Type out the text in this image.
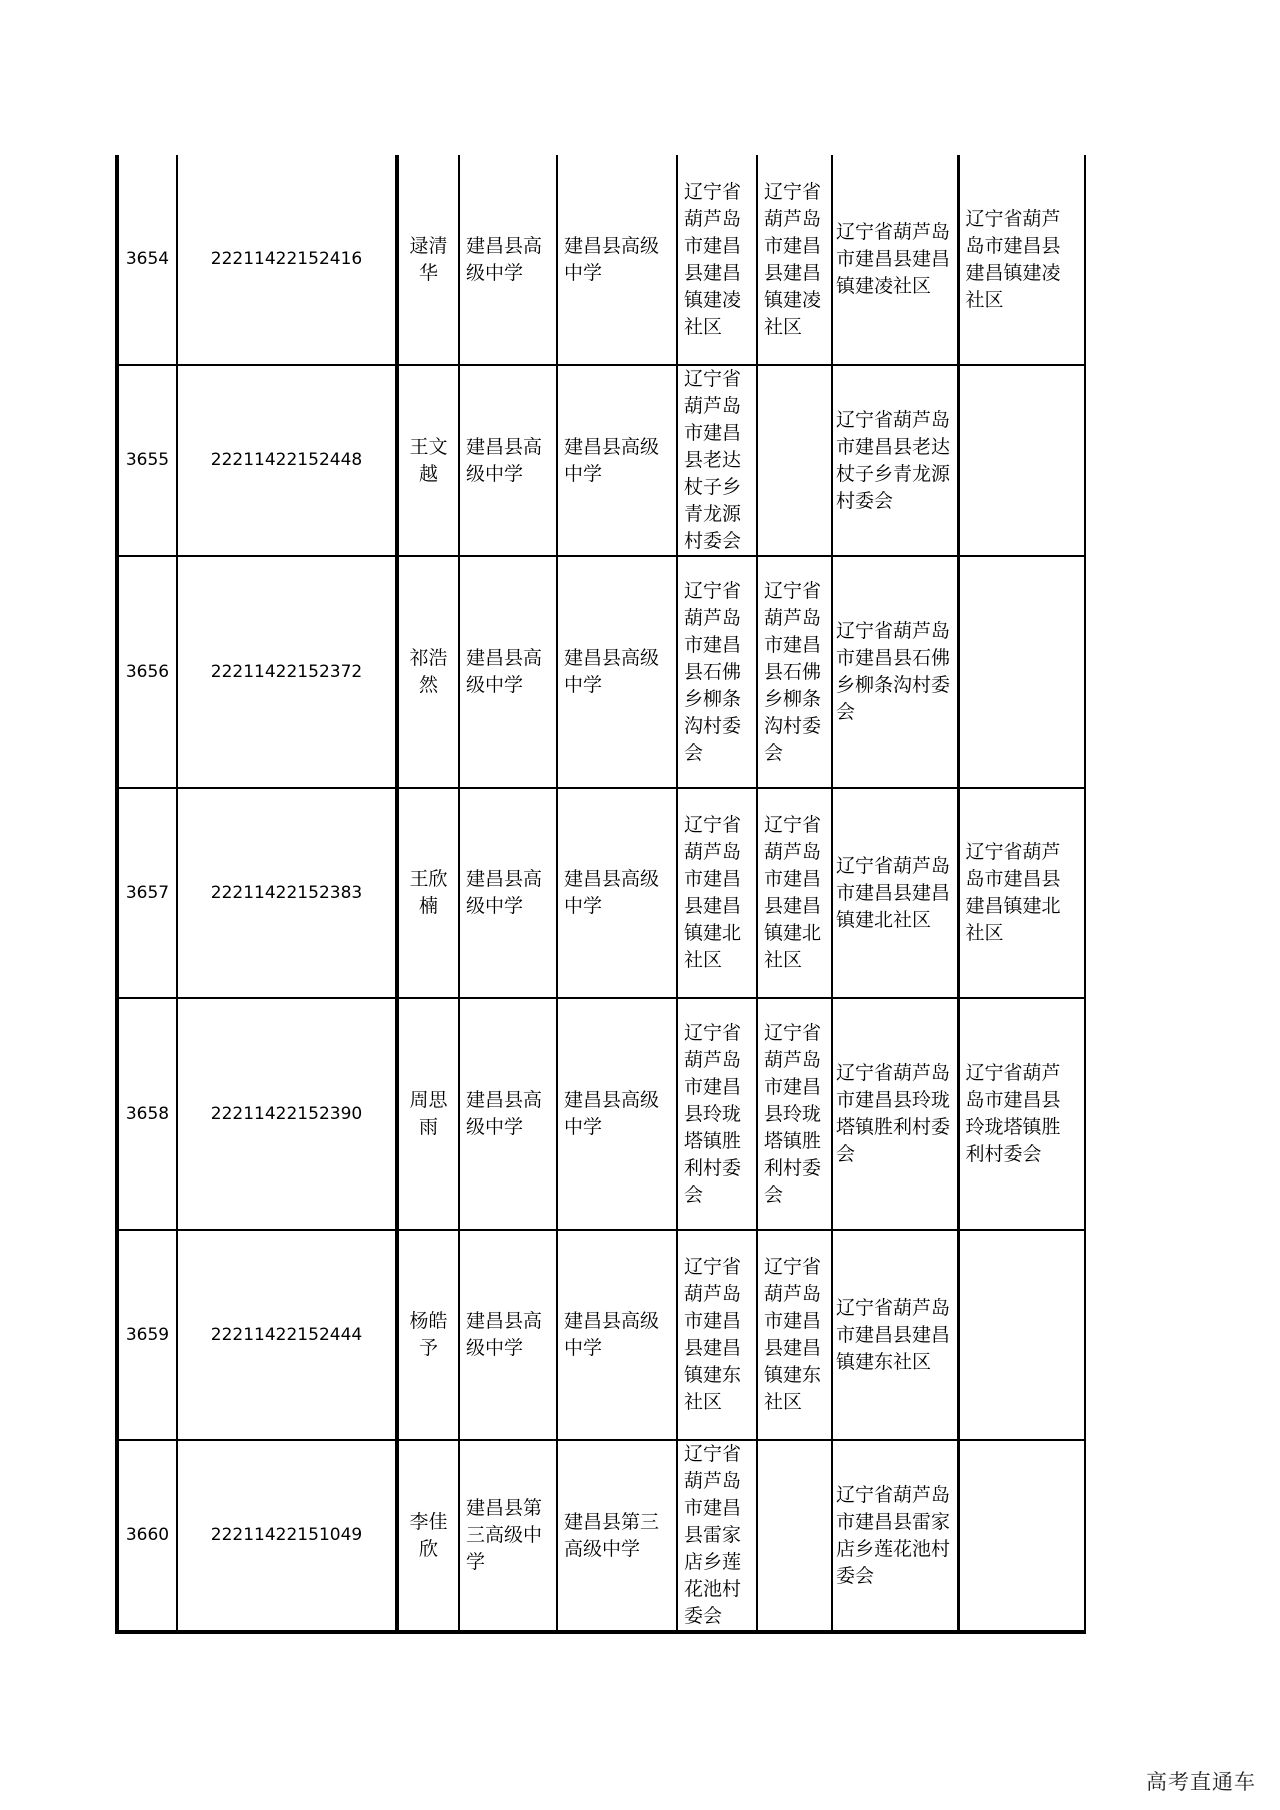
3654	22211422152416	逯清华	建昌县高级中学	建昌县高级中学	辽宁省葫芦岛市建昌县建昌镇建凌社区	辽宁省葫芦岛市建昌县建昌镇建凌社区	辽宁省葫芦岛市建昌县建昌镇建凌社区	辽宁省葫芦岛市建昌县建昌镇建凌社区
3655	22211422152448	王文越	建昌县高级中学	建昌县高级中学	辽宁省葫芦岛市建昌县老达杖子乡青龙源村委会		辽宁省葫芦岛市建昌县老达杖子乡青龙源村委会	
3656	22211422152372	祁浩然	建昌县高级中学	建昌县高级中学	辽宁省葫芦岛市建昌县石佛乡柳条沟村委会	辽宁省葫芦岛市建昌县石佛乡柳条沟村委会	辽宁省葫芦岛市建昌县石佛乡柳条沟村委会	
3657	22211422152383	王欣楠	建昌县高级中学	建昌县高级中学	辽宁省葫芦岛市建昌县建昌镇建北社区	辽宁省葫芦岛市建昌县建昌镇建北社区	辽宁省葫芦岛市建昌县建昌镇建北社区	辽宁省葫芦岛市建昌县建昌镇建北社区
3658	22211422152390	周思雨	建昌县高级中学	建昌县高级中学	辽宁省葫芦岛市建昌县玲珑塔镇胜利村委会	辽宁省葫芦岛市建昌县玲珑塔镇胜利村委会	辽宁省葫芦岛市建昌县玲珑塔镇胜利村委会	辽宁省葫芦岛市建昌县玲珑塔镇胜利村委会
3659	22211422152444	杨皓予	建昌县高级中学	建昌县高级中学	辽宁省葫芦岛市建昌县建昌镇建东社区	辽宁省葫芦岛市建昌县建昌镇建东社区	辽宁省葫芦岛市建昌县建昌镇建东社区	
3660	22211422151049	李佳欣	建昌县第三高级中学	建昌县第三高级中学	辽宁省葫芦岛市建昌县雷家店乡莲花池村委会		辽宁省葫芦岛市建昌县雷家店乡莲花池村委会	
高考直通车
